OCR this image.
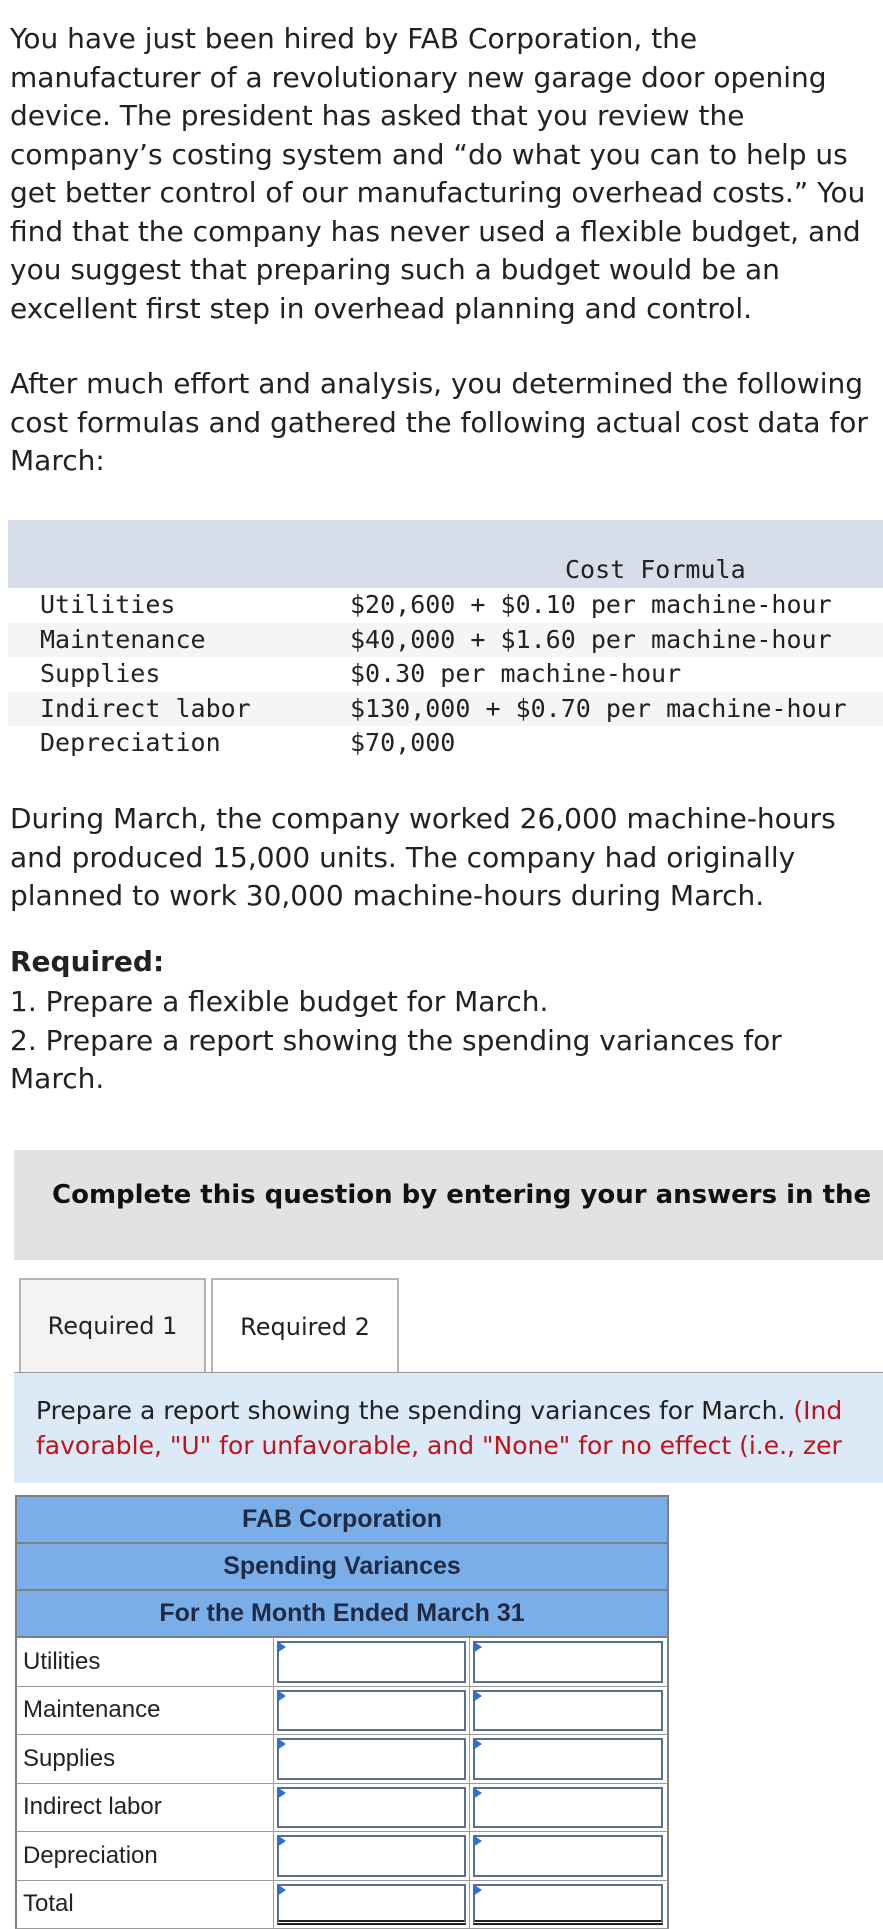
You have just been hired by FAB Corporation, the manufacturer of a revolutionary new garage door opening device. The president has asked that you review the company’s costing system and “do what you can to help us get better control of our manufacturing overhead costs.” You find that the company has never used a flexible budget, and you suggest that preparing such a budget would be an excellent first step in overhead planning and control.

After much effort and analysis, you determined the following cost formulas and gathered the following actual cost data for March:

Cost Formula
Utilities	$20,600 + $0.10 per machine-hour
Maintenance	$40,000 + $1.60 per machine-hour
Supplies	$0.30 per machine-hour
Indirect labor	$130,000 + $0.70 per machine-hour
Depreciation	$70,000

During March, the company worked 26,000 machine-hours and produced 15,000 units. The company had originally planned to work 30,000 machine-hours during March.

Required:

1. Prepare a flexible budget for March.
2. Prepare a report showing the spending variances for March.
Complete this question by entering your answers in the
Required 1	Required 2
Prepare a report showing the spending variances for March. (Ind
favorable, "U" for unfavorable, and "None" for no effect (i.e., zer
FAB Corporation
Spending Variances
For the Month Ended March 31
Utilities
Maintenance
Supplies
Indirect labor
Depreciation
Total
